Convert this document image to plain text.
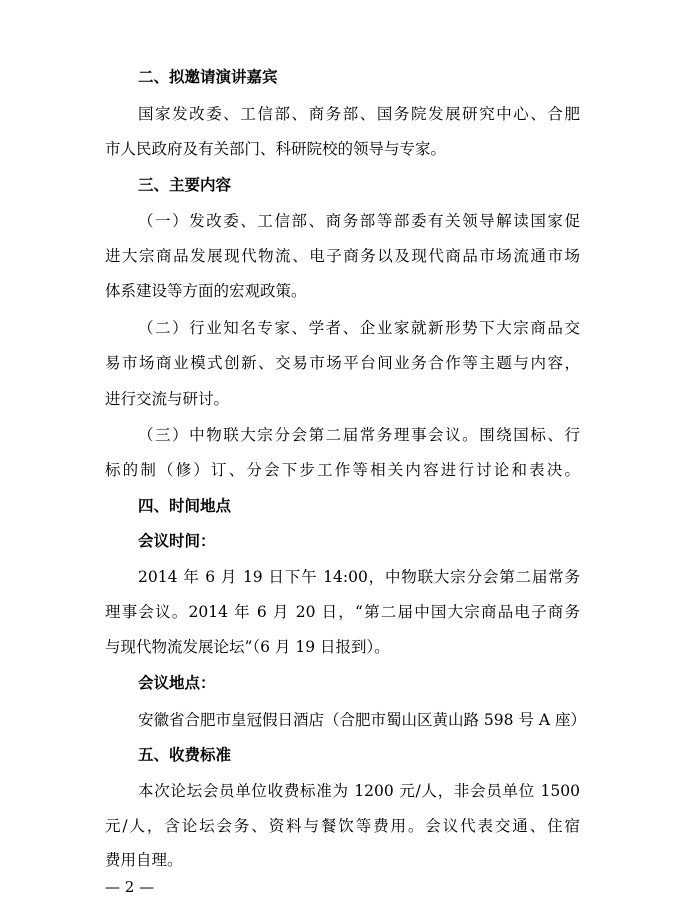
二、拟邀请演讲嘉宾
国家发改委、工信部、商务部、国务院发展研究中心、合肥
市人民政府及有关部门、科研院校的领导与专家。
三、主要内容
（一）发改委、工信部、商务部等部委有关领导解读国家促
进大宗商品发展现代物流、电子商务以及现代商品市场流通市场
体系建设等方面的宏观政策。
（二）行业知名专家、学者、企业家就新形势下大宗商品交
易市场商业模式创新、交易市场平台间业务合作等主题与内容，
进行交流与研讨。
（三）中物联大宗分会第二届常务理事会议。围绕国标、行
标的制（修）订、分会下步工作等相关内容进行讨论和表决。
四、时间地点
会议时间：
2014 年 6 月 19 日下午 14:00，中物联大宗分会第二届常务
理事会议。2014 年 6 月 20 日，“第二届中国大宗商品电子商务
与现代物流发展论坛”（6 月 19 日报到）。
会议地点：
安徽省合肥市皇冠假日酒店（合肥市蜀山区黄山路 598 号 A 座）
五、收费标准
本次论坛会员单位收费标准为 1200 元/人，非会员单位 1500
元/人，含论坛会务、资料与餐饮等费用。会议代表交通、住宿
费用自理。
— 2 —
